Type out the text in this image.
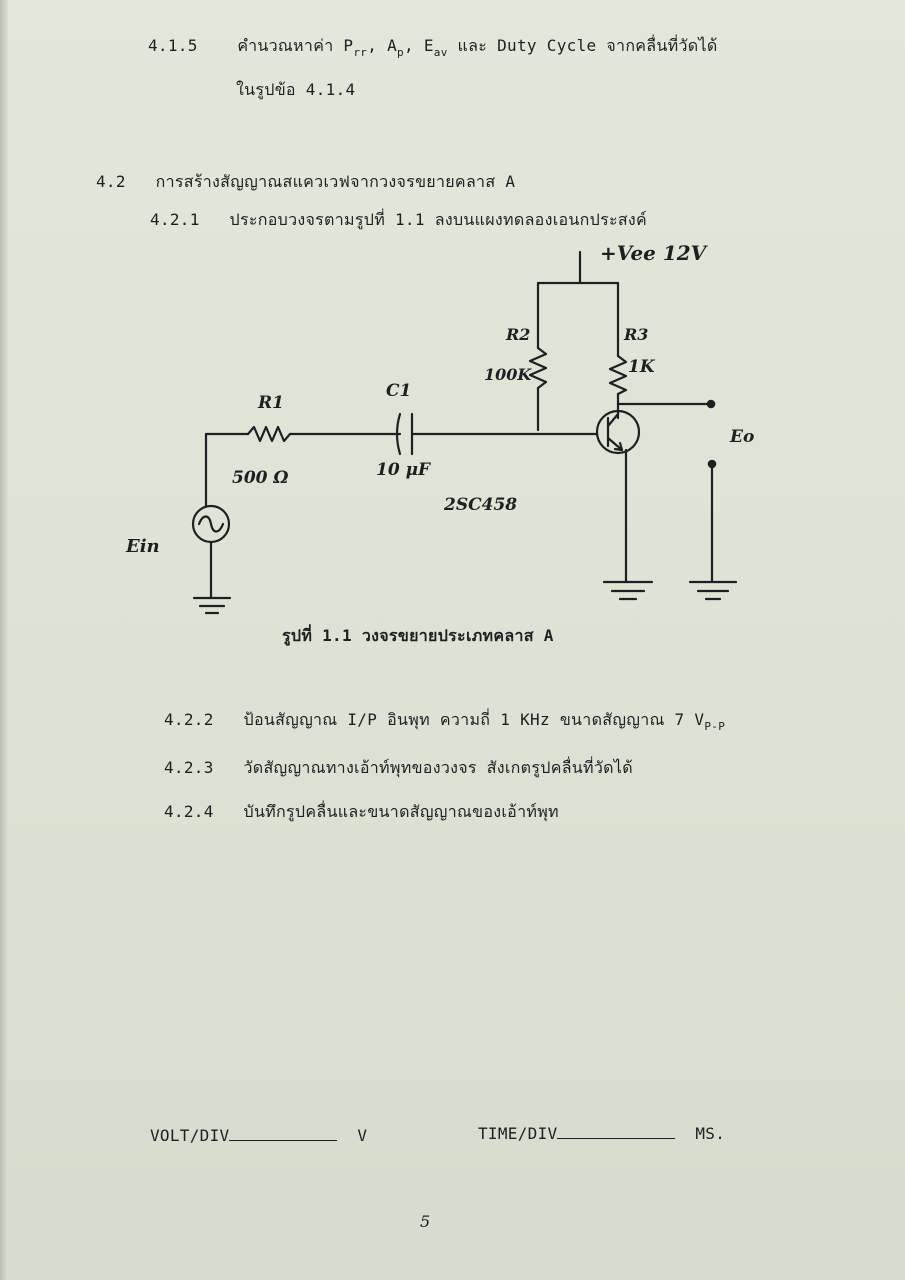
4.1.5 คำนวณหาค่า $P_{rr}$, $A_p$, $E_{av}$ และ Duty Cycle จากคลื่นที่วัดได้
ในรูปข้อ 4.1.4
4.2 การสร้างสัญญาณสแควเวฟจากวงจรขยายคลาส A
4.2.1 ประกอบวงจรตามรูปที่ 1.1 ลงบนแผงทดลองเอนกประสงค์
+Vee 12V
R1
500 Ω
C1
10 μF
R2
100K
R3
1K
2SC458
Ein
Eo
รูปที่ 1.1 วงจรขยายประเภทคลาส A
4.2.2 ป้อนสัญญาณ I/P อินพุท ความถี่ 1 KHz ขนาดสัญญาณ 7 $V_{P-P}$
4.2.3 วัดสัญญาณทางเอ้าท์พุทของวงจร สังเกตรูปคลื่นที่วัดได้
4.2.4 บันทึกรูปคลื่นและขนาดสัญญาณของเอ้าท์พุท
VOLT/DIV	V	TIME/DIV	MS.
5
